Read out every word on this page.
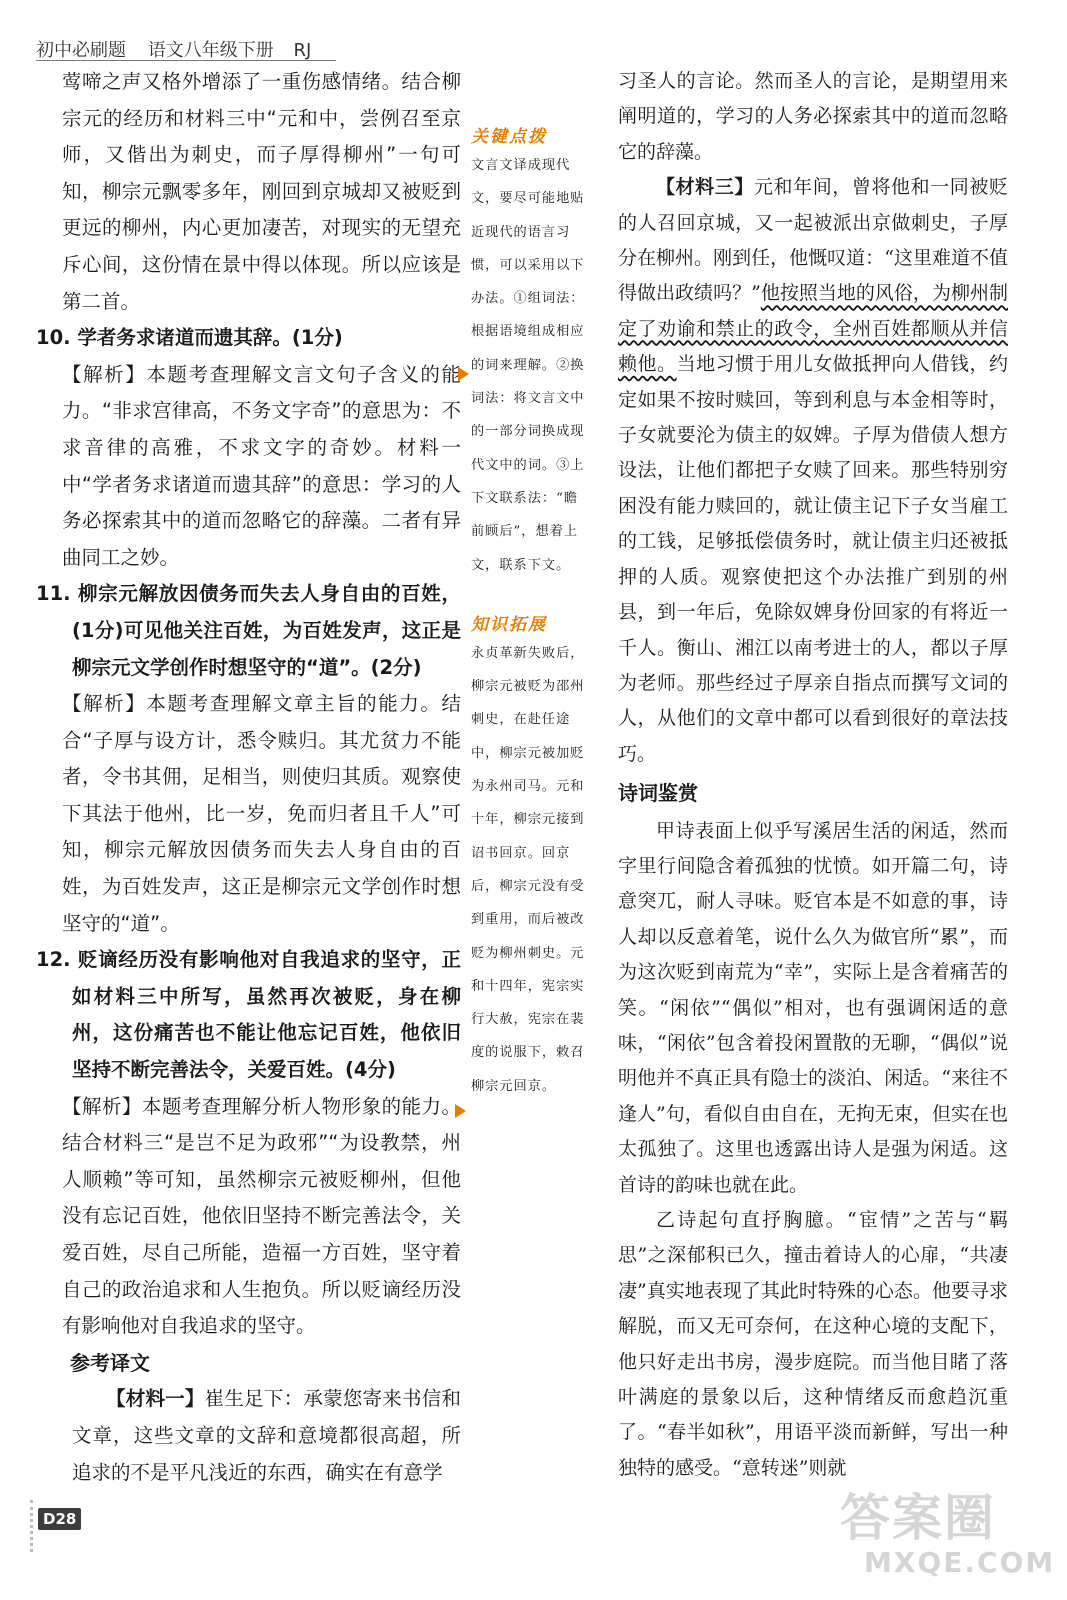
初中必刷题 语文八年级下册 RJ

莺啼之声又格外增添了一重伤感情绪。结合柳宗元的经历和材料三中“元和中，尝例召至京师，又偕出为刺史，而子厚得柳州”一句可知，柳宗元飘零多年，刚回到京城却又被贬到更远的柳州，内心更加凄苦，对现实的无望充斥心间，这份情在景中得以体现。所以应该是第二首。

10. 学者务求诸道而遗其辞。(1分)

【解析】本题考查理解文言文句子含义的能力。“非求宫律高，不务文字奇”的意思为：不求音律的高雅，不求文字的奇妙。材料一中“学者务求诸道而遗其辞”的意思：学习的人务必探索其中的道而忽略它的辞藻。二者有异曲同工之妙。

11. 柳宗元解放因债务而失去人身自由的百姓，(1分)可见他关注百姓，为百姓发声，这正是柳宗元文学创作时想坚守的“道”。(2分)

【解析】本题考查理解文章主旨的能力。结合“子厚与设方计，悉令赎归。其尤贫力不能者，令书其佣，足相当，则使归其质。观察使下其法于他州，比一岁，免而归者且千人”可知，柳宗元解放因债务而失去人身自由的百姓，为百姓发声，这正是柳宗元文学创作时想坚守的“道”。

12. 贬谪经历没有影响他对自我追求的坚守，正如材料三中所写，虽然再次被贬，身在柳州，这份痛苦也不能让他忘记百姓，他依旧坚持不断完善法令，关爱百姓。(4分)

【解析】本题考查理解分析人物形象的能力。结合材料三“是岂不足为政邪”“为设教禁，州人顺赖”等可知，虽然柳宗元被贬柳州，但他没有忘记百姓，他依旧坚持不断完善法令，关爱百姓，尽自己所能，造福一方百姓，坚守着自己的政治追求和人生抱负。所以贬谪经历没有影响他对自我追求的坚守。

参考译文

【材料一】崔生足下：承蒙您寄来书信和文章，这些文章的文辞和意境都很高超，所追求的不是平凡浅近的东西，确实在有意学

关键点拨
文言文译成现代文，要尽可能地贴近现代的语言习惯，可以采用以下办法。①组词法：根据语境组成相应的词来理解。②换词法：将文言文中的一部分词换成现代文中的词。③上下文联系法：“瞻前顾后”，想着上文，联系下文。
知识拓展
永贞革新失败后，柳宗元被贬为邵州刺史，在赴任途中，柳宗元被加贬为永州司马。元和十年，柳宗元接到诏书回京。回京后，柳宗元没有受到重用，而后被改贬为柳州刺史。元和十四年，宪宗实行大赦，宪宗在裴度的说服下，敕召柳宗元回京。

习圣人的言论。然而圣人的言论，是期望用来阐明道的，学习的人务必探索其中的道而忽略它的辞藻。

【材料三】元和年间，曾将他和一同被贬的人召回京城，又一起被派出京做刺史，子厚分在柳州。刚到任，他慨叹道：“这里难道不值得做出政绩吗？”他按照当地的风俗，为柳州制定了劝谕和禁止的政令，全州百姓都顺从并信赖他。当地习惯于用儿女做抵押向人借钱，约定如果不按时赎回，等到利息与本金相等时，子女就要沦为债主的奴婢。子厚为借债人想方设法，让他们都把子女赎了回来。那些特别穷困没有能力赎回的，就让债主记下子女当雇工的工钱，足够抵偿债务时，就让债主归还被抵押的人质。观察使把这个办法推广到别的州县，到一年后，免除奴婢身份回家的有将近一千人。衡山、湘江以南考进士的人，都以子厚为老师。那些经过子厚亲自指点而撰写文词的人，从他们的文章中都可以看到很好的章法技巧。

诗词鉴赏

甲诗表面上似乎写溪居生活的闲适，然而字里行间隐含着孤独的忧愤。如开篇二句，诗意突兀，耐人寻味。贬官本是不如意的事，诗人却以反意着笔，说什么久为做官所“累”，而为这次贬到南荒为“幸”，实际上是含着痛苦的笑。“闲依”“偶似”相对，也有强调闲适的意味，“闲依”包含着投闲置散的无聊，“偶似”说明他并不真正具有隐士的淡泊、闲适。“来往不逢人”句，看似自由自在，无拘无束，但实在也太孤独了。这里也透露出诗人是强为闲适。这首诗的韵味也就在此。

乙诗起句直抒胸臆。“宦情”之苦与“羁思”之深郁积已久，撞击着诗人的心扉，“共凄凄”真实地表现了其此时特殊的心态。他要寻求解脱，而又无可奈何，在这种心境的支配下，他只好走出书房，漫步庭院。而当他目睹了落叶满庭的景象以后，这种情绪反而愈趋沉重了。“春半如秋”，用语平淡而新鲜，写出一种独特的感受。“意转迷”则就

D28	答案圈
MXQE.COM
